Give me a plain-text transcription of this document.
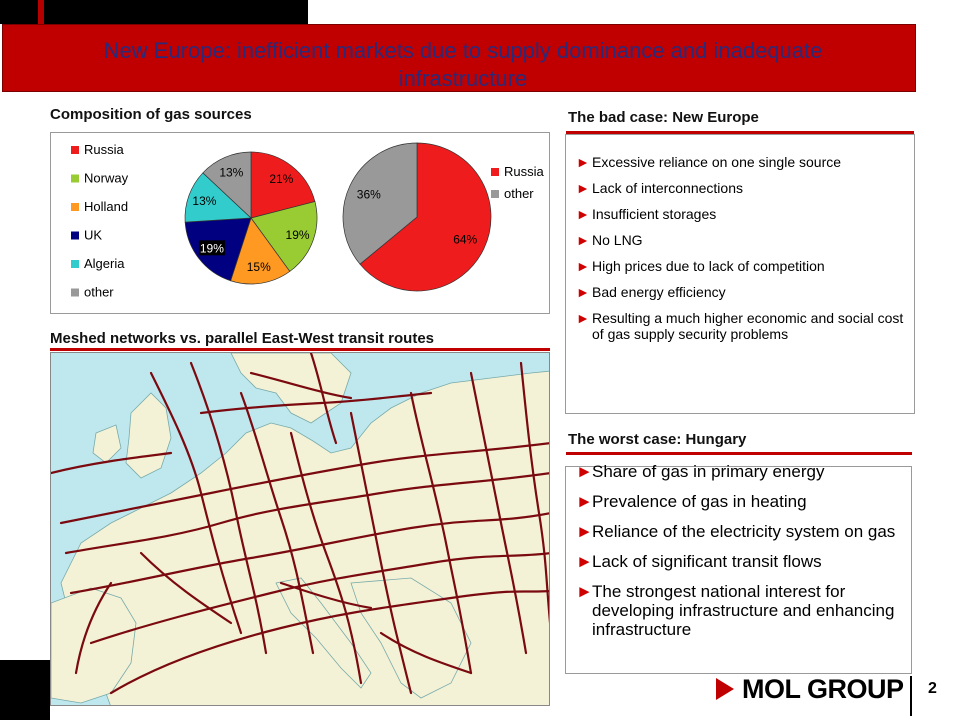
New Europe: inefficient markets due to supply dominance and inadequate infrastructure
Composition of gas sources
Russia
Norway
Holland
UK
Algeria
other
21%
19%
15%
19%
13%
13%
64%
36%
Russia
other
Meshed networks vs. parallel East-West transit routes
The bad case: New Europe
► Excessive reliance on one single source
► Lack of interconnections
► Insufficient storages
► No LNG
► High prices due to lack of competition
► Bad energy efficiency
► Resulting a much higher economic and social cost of gas supply security problems
The worst case: Hungary
► Share of gas in primary energy
► Prevalence of gas in heating
► Reliance of the electricity system on gas
► Lack of significant transit flows
► The strongest national interest for developing infrastructure and enhancing infrastructure
MOL GROUP 2
